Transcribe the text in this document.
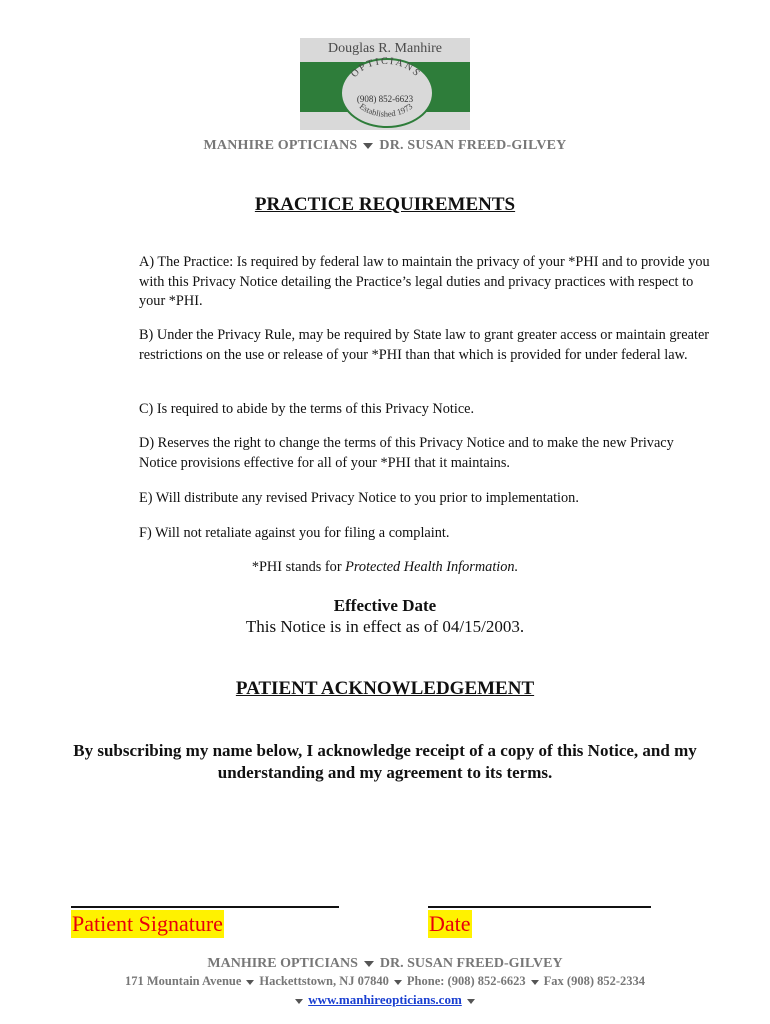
Douglas R. Manhire
OPTICIANS
(908) 852-6623
Established 1973
MANHIRE OPTICIANS DR. SUSAN FREED-GILVEY
PRACTICE REQUIREMENTS
A) The Practice: Is required by federal law to maintain the privacy of your *PHI and to provide you with this Privacy Notice detailing the Practice’s legal duties and privacy practices with respect to your *PHI.
B) Under the Privacy Rule, may be required by State law to grant greater access or maintain greater restrictions on the use or release of your *PHI than that which is provided for under federal law.
C) Is required to abide by the terms of this Privacy Notice.
D) Reserves the right to change the terms of this Privacy Notice and to make the new Privacy Notice provisions effective for all of your *PHI that it maintains.
E) Will distribute any revised Privacy Notice to you prior to implementation.
F) Will not retaliate against you for filing a complaint.
*PHI stands for Protected Health Information.
Effective Date
This Notice is in effect as of 04/15/2003.
PATIENT ACKNOWLEDGEMENT
By subscribing my name below, I acknowledge receipt of a copy of this Notice, and my understanding and my agreement to its terms.
Patient Signature	Date
MANHIRE OPTICIANS DR. SUSAN FREED-GILVEY
171 Mountain Avenue Hackettstown, NJ 07840 Phone: (908) 852-6623 Fax (908) 852-2334
www.manhireopticians.com
